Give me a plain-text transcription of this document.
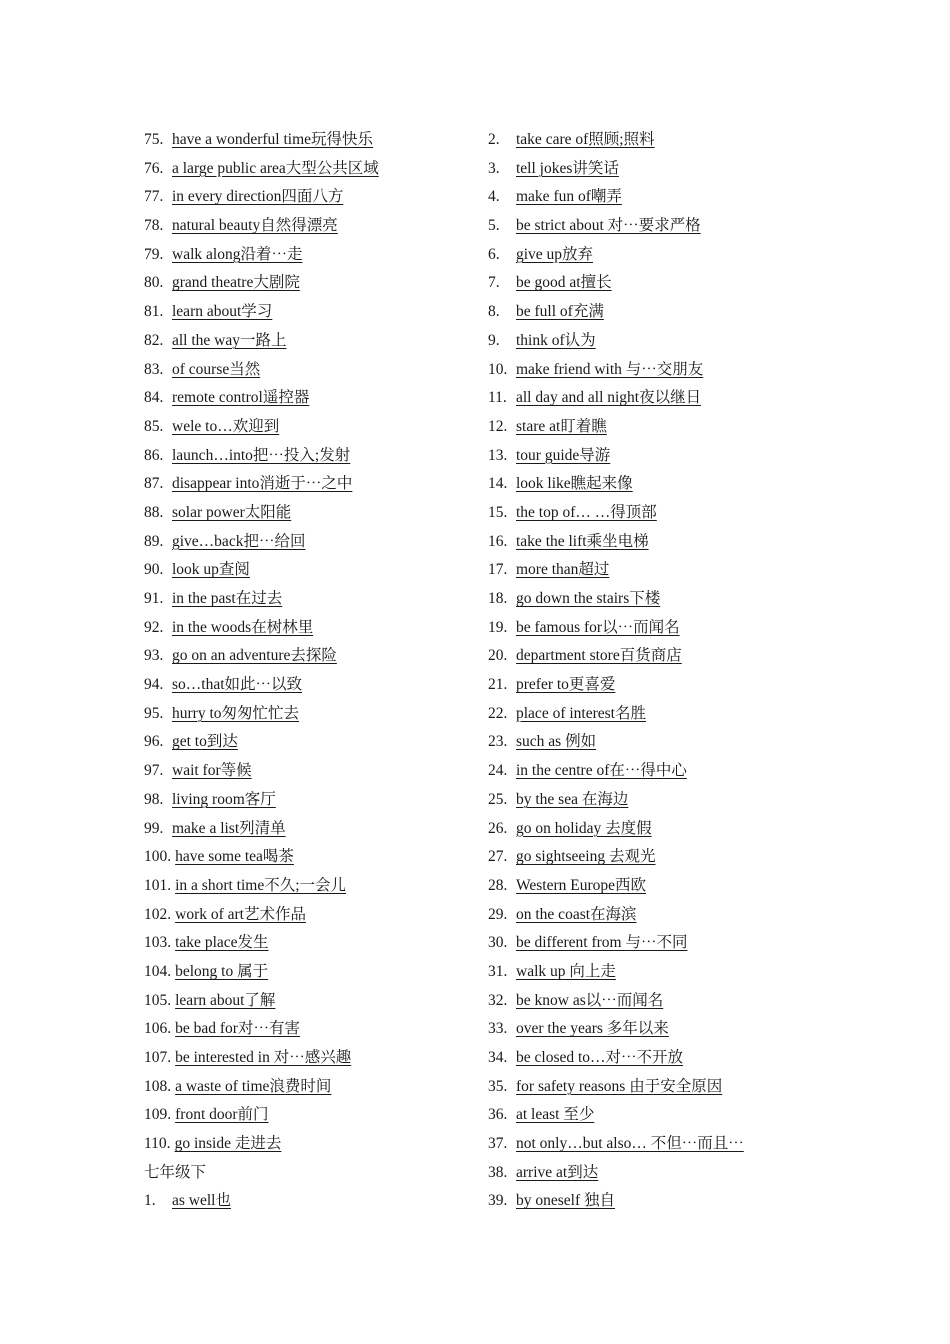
75. have a wonderful time玩得快乐
76. a large public area大型公共区域
77. in every direction四面八方
78. natural beauty自然得漂亮
79. walk along沿着⋯走
80. grand theatre大剧院
81. learn about学习
82. all the way一路上
83. of course当然
84. remote control遥控器
85. wele to…欢迎到
86. launch…into把⋯投入;发射
87. disappear into消逝于⋯之中
88. solar power太阳能
89. give…back把⋯给回
90. look up查阅
91. in the past在过去
92. in the woods在树林里
93. go on an adventure去探险
94. so…that如此⋯以致
95. hurry to匆匆忙忙去
96. get to到达
97. wait for等候
98. living room客厅
99. make a list列清单
100. have some tea喝茶
101. in a short time不久;一会儿
102. work of art艺术作品
103. take place发生
104. belong to 属于
105. learn about了解
106. be bad for对⋯有害
107. be interested in 对⋯感兴趣
108. a waste of time浪费时间
109. front door前门
110. go inside 走进去
七年级下
1. as well也
2. take care of照顾;照料
3. tell jokes讲笑话
4. make fun of嘲弄
5. be strict about 对⋯要求严格
6. give up放弃
7. be good at擅长
8. be full of充满
9. think of认为
10. make friend with 与⋯交朋友
11. all day and all night夜以继日
12. stare at盯着瞧
13. tour guide导游
14. look like瞧起来像
15. the top of… …得顶部
16. take the lift乘坐电梯
17. more than超过
18. go down the stairs下楼
19. be famous for以⋯而闻名
20. department store百货商店
21. prefer to更喜爱
22. place of interest名胜
23. such as 例如
24. in the centre of在⋯得中心
25. by the sea 在海边
26. go on holiday 去度假
27. go sightseeing 去观光
28. Western Europe西欧
29. on the coast在海滨
30. be different from 与⋯不同
31. walk up 向上走
32. be know as以⋯而闻名
33. over the years 多年以来
34. be closed to…对⋯不开放
35. for safety reasons 由于安全原因
36. at least 至少
37. not only…but also… 不但⋯而且⋯
38. arrive at到达
39. by oneself 独自
